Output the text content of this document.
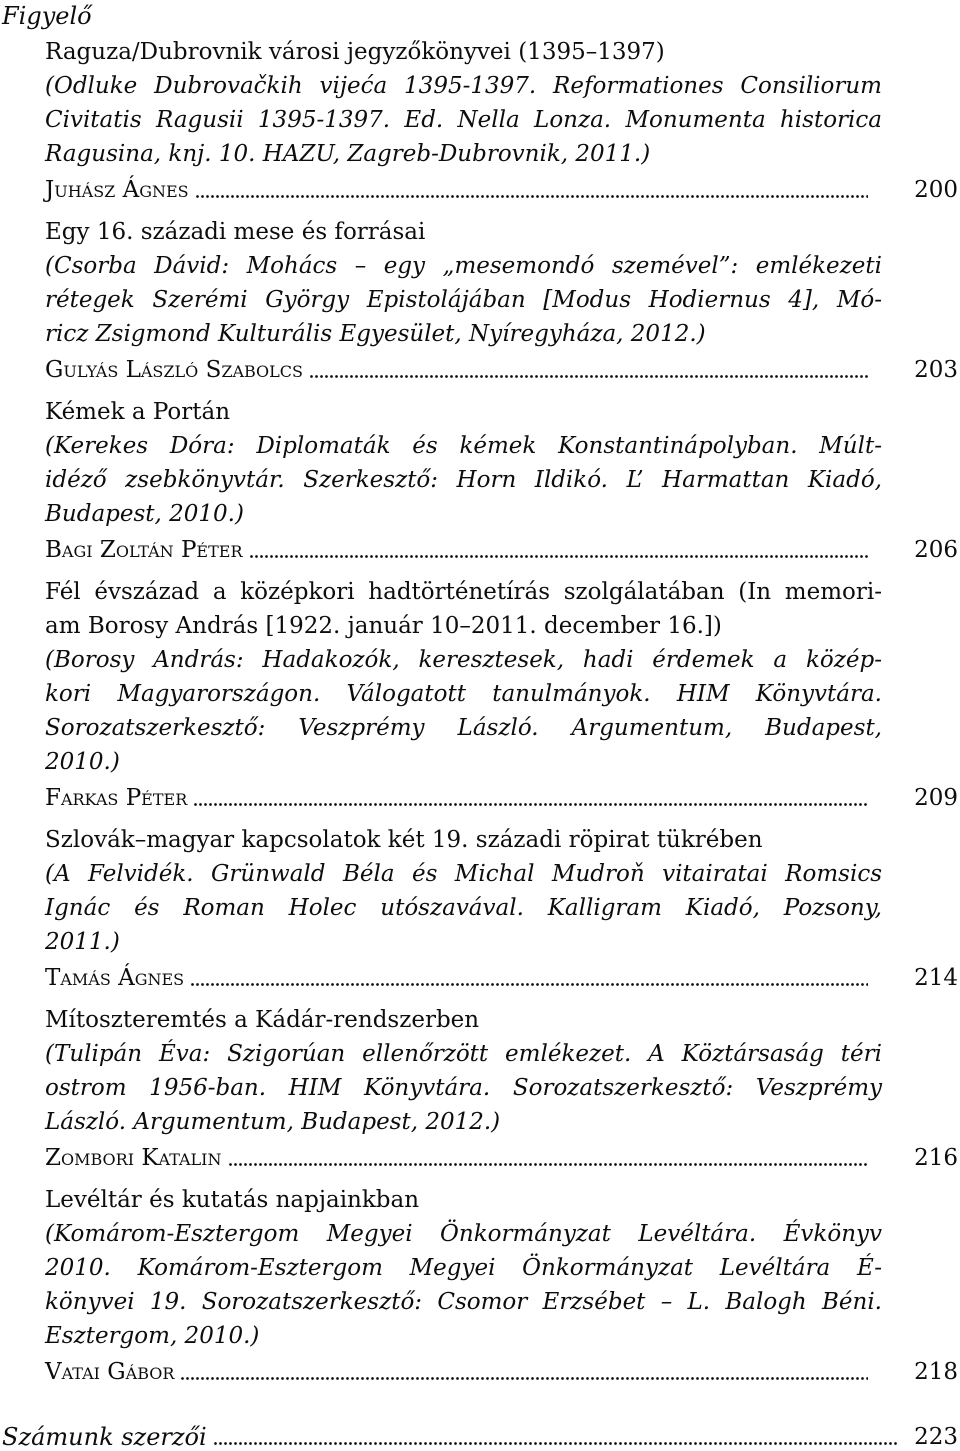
Figyelő
Raguza/Dubrovnik városi jegyzőkönyvei (1395–1397)
(Odluke Dubrovačkih vijeća 1395-1397. Reformationes Consiliorum
Civitatis Ragusii 1395-1397. Ed. Nella Lonza. Monumenta historica
Ragusina, knj. 10. HAZU, Zagreb-Dubrovnik, 2011.)
Juhász Ágnes	200
Egy 16. századi mese és forrásai
(Csorba Dávid: Mohács – egy „mesemondó szemével”: emlékezeti
rétegek Szerémi György Epistolájában [Modus Hodiernus 4], Mó-
ricz Zsigmond Kulturális Egyesület, Nyíregyháza, 2012.)
Gulyás László Szabolcs	203
Kémek a Portán
(Kerekes Dóra: Diplomaták és kémek Konstantinápolyban. Múlt-
idéző zsebkönyvtár. Szerkesztő: Horn Ildikó. L’ Harmattan Kiadó,
Budapest, 2010.)
Bagi Zoltán Péter	206
Fél évszázad a középkori hadtörténetírás szolgálatában (In memori-
am Borosy András [1922. január 10–2011. december 16.])
(Borosy András: Hadakozók, keresztesek, hadi érdemek a közép-
kori Magyarországon. Válogatott tanulmányok. HIM Könyvtára.
Sorozatszerkesztő: Veszprémy László. Argumentum, Budapest,
2010.)
Farkas Péter	209
Szlovák–magyar kapcsolatok két 19. századi röpirat tükrében
(A Felvidék. Grünwald Béla és Michal Mudroň vitairatai Romsics
Ignác és Roman Holec utószavával. Kalligram Kiadó, Pozsony,
2011.)
Tamás Ágnes	214
Mítoszteremtés a Kádár-rendszerben
(Tulipán Éva: Szigorúan ellenőrzött emlékezet. A Köztársaság téri
ostrom 1956-ban. HIM Könyvtára. Sorozatszerkesztő: Veszprémy
László. Argumentum, Budapest, 2012.)
Zombori Katalin	216
Levéltár és kutatás napjainkban
(Komárom-Esztergom Megyei Önkormányzat Levéltára. Évkönyv
2010. Komárom-Esztergom Megyei Önkormányzat Levéltára É-
könyvei 19. Sorozatszerkesztő: Csomor Erzsébet – L. Balogh Béni.
Esztergom, 2010.)
Vatai Gábor	218
Számunk szerzői	223
